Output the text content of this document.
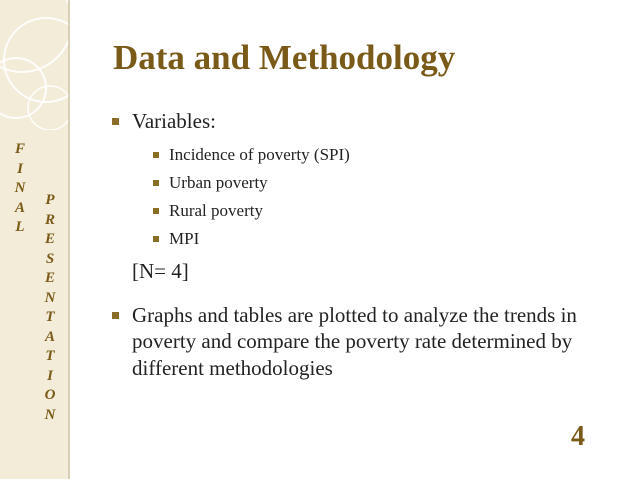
F
I
N
A
L
P
R
E
S
E
N
T
A
T
I
O
N
Data and Methodology
Variables:
Incidence of poverty (SPI)
Urban poverty
Rural poverty
MPI
[N= 4]
Graphs and tables are plotted to analyze the trends in poverty and compare the poverty rate determined by different methodologies
4
